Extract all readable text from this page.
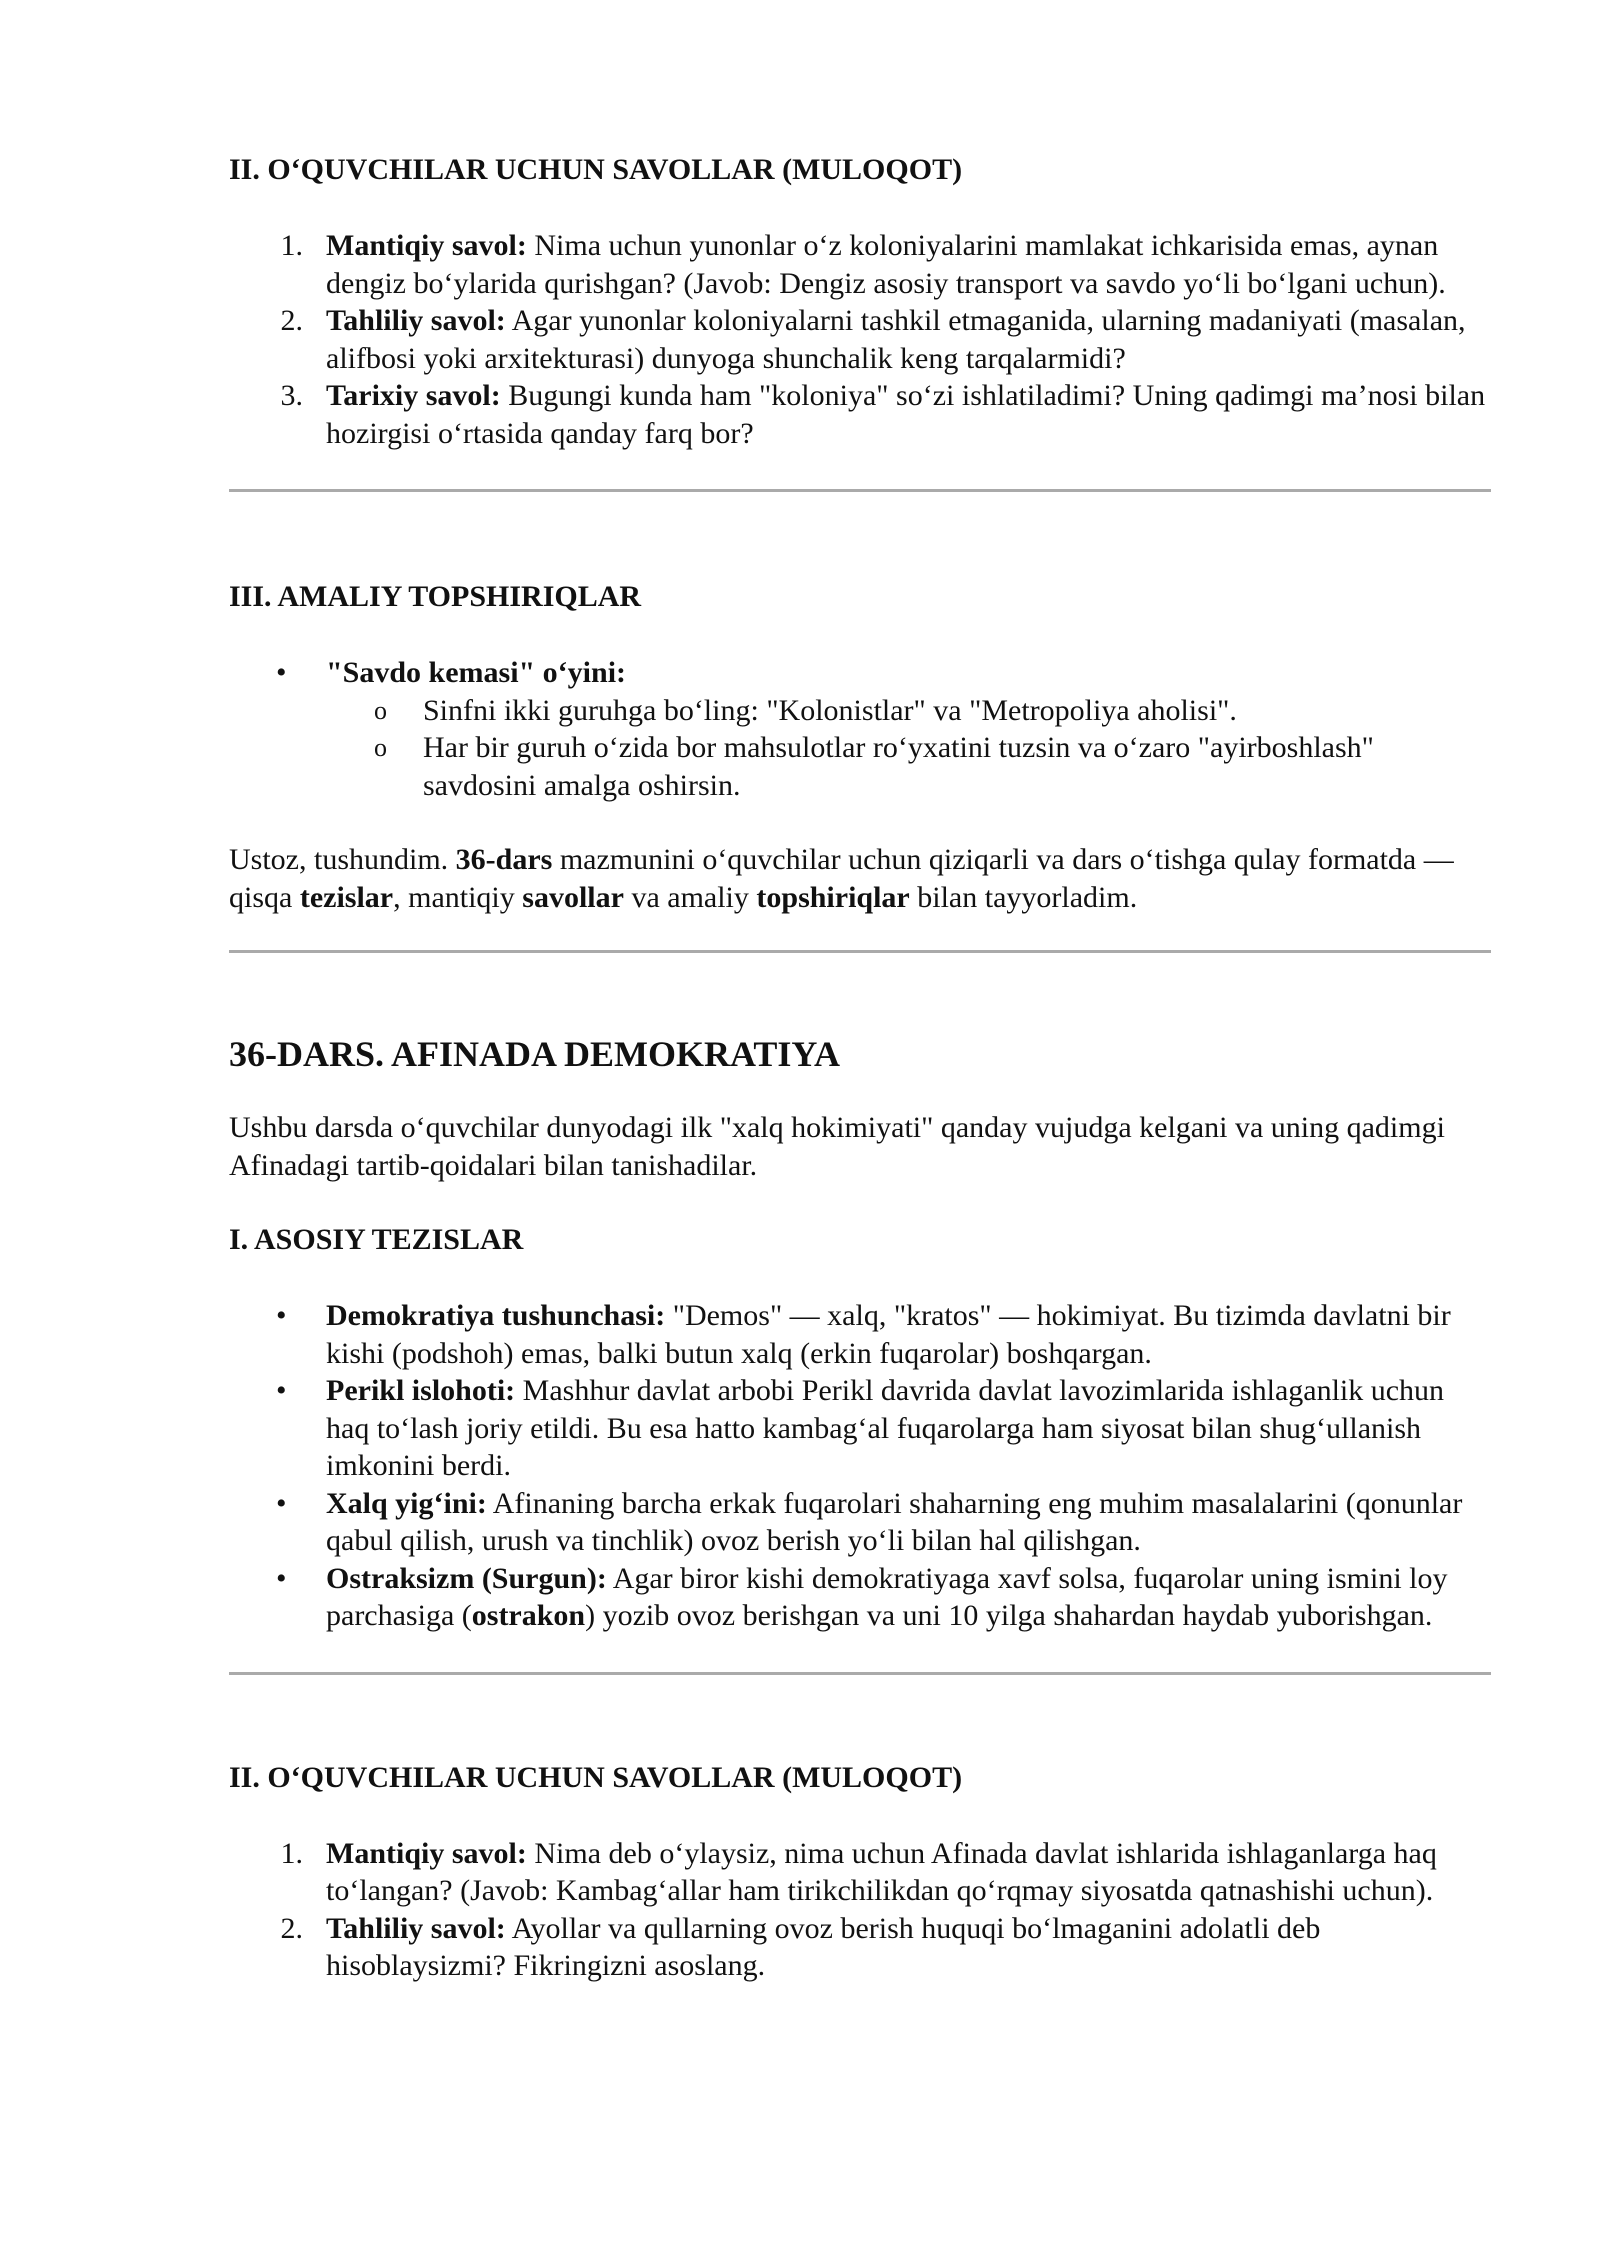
II. O‘QUVCHILAR UCHUN SAVOLLAR (MULOQOT)
1. Mantiqiy savol: Nima uchun yunonlar o‘z koloniyalarini mamlakat ichkarisida emas, aynan dengiz bo‘ylarida qurishgan? (Javob: Dengiz asosiy transport va savdo yo‘li bo‘lgani uchun).
2. Tahliliy savol: Agar yunonlar koloniyalarni tashkil etmaganida, ularning madaniyati (masalan, alifbosi yoki arxitekturasi) dunyoga shunchalik keng tarqalarmidi?
3. Tarixiy savol: Bugungi kunda ham "koloniya" so‘zi ishlatiladimi? Uning qadimgi ma’nosi bilan hozirgisi o‘rtasida qanday farq bor?
III. AMALIY TOPSHIRIQLAR
• "Savdo kemasi" o‘yini:
o Sinfni ikki guruhga bo‘ling: "Kolonistlar" va "Metropoliya aholisi".
o Har bir guruh o‘zida bor mahsulotlar ro‘yxatini tuzsin va o‘zaro "ayirboshlash" savdosini amalga oshirsin.

Ustoz, tushundim. 36-dars mazmunini o‘quvchilar uchun qiziqarli va dars o‘tishga qulay formatda — qisqa tezislar, mantiqiy savollar va amaliy topshiriqlar bilan tayyorladim.

36-DARS. AFINADA DEMOKRATIYA

Ushbu darsda o‘quvchilar dunyodagi ilk "xalq hokimiyati" qanday vujudga kelgani va uning qadimgi Afinadagi tartib-qoidalari bilan tanishadilar.

I. ASOSIY TEZISLAR
• Demokratiya tushunchasi: "Demos" — xalq, "kratos" — hokimiyat. Bu tizimda davlatni bir kishi (podshoh) emas, balki butun xalq (erkin fuqarolar) boshqargan.
• Perikl islohoti: Mashhur davlat arbobi Perikl davrida davlat lavozimlarida ishlaganlik uchun haq to‘lash joriy etildi. Bu esa hatto kambag‘al fuqarolarga ham siyosat bilan shug‘ullanish imkonini berdi.
• Xalq yig‘ini: Afinaning barcha erkak fuqarolari shaharning eng muhim masalalarini (qonunlar qabul qilish, urush va tinchlik) ovoz berish yo‘li bilan hal qilishgan.
• Ostraksizm (Surgun): Agar biror kishi demokratiyaga xavf solsa, fuqarolar uning ismini loy parchasiga (ostrakon) yozib ovoz berishgan va uni 10 yilga shahardan haydab yuborishgan.
II. O‘QUVCHILAR UCHUN SAVOLLAR (MULOQOT)
1. Mantiqiy savol: Nima deb o‘ylaysiz, nima uchun Afinada davlat ishlarida ishlaganlarga haq to‘langan? (Javob: Kambag‘allar ham tirikchilikdan qo‘rqmay siyosatda qatnashishi uchun).
2. Tahliliy savol: Ayollar va qullarning ovoz berish huquqi bo‘lmaganini adolatli deb hisoblaysizmi? Fikringizni asoslang.
